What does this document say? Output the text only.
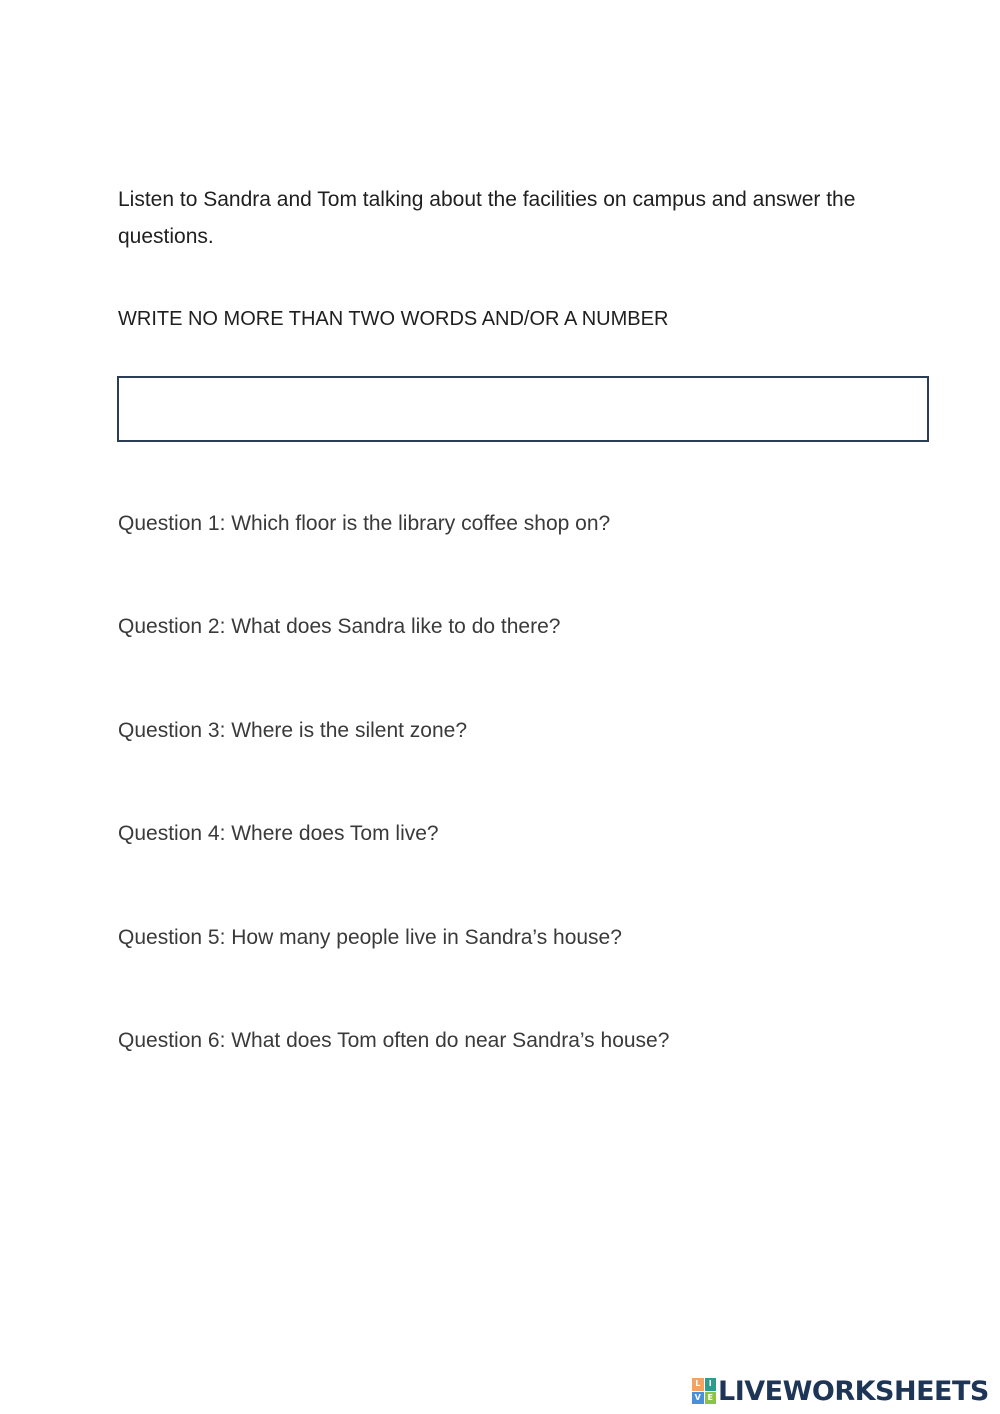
Listen to Sandra and Tom talking about the facilities on campus and answer the questions.

WRITE NO MORE THAN TWO WORDS AND/OR A NUMBER

Question 1: Which floor is the library coffee shop on?

Question 2: What does Sandra like to do there?

Question 3: Where is the silent zone?

Question 4: Where does Tom live?

Question 5: How many people live in Sandra’s house?

Question 6: What does Tom often do near Sandra’s house?

L	I
V E LIVEWORKSHEETS
